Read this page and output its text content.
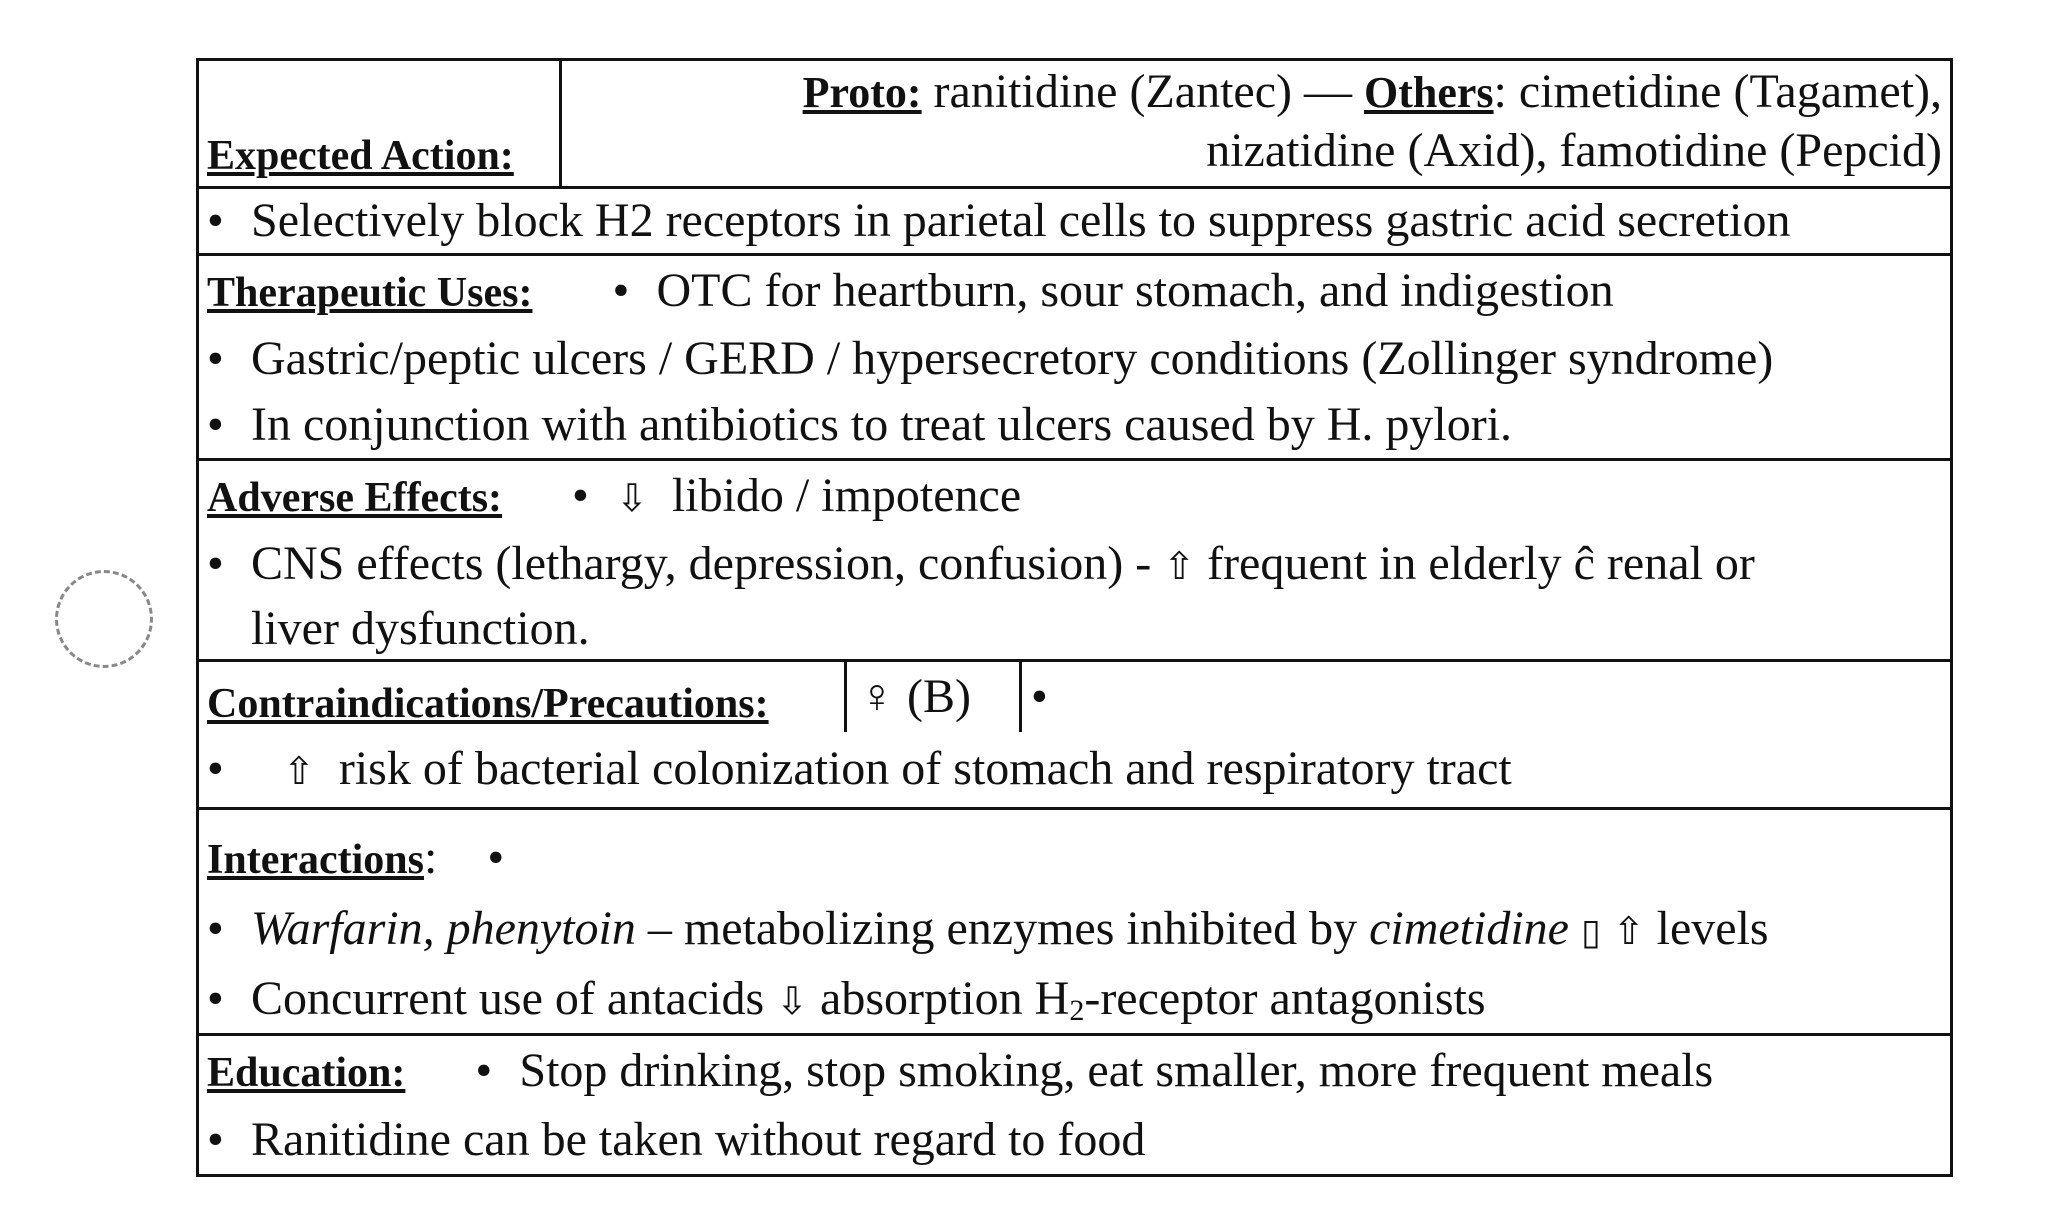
Expected Action:
Proto: ranitidine (Zantec) — Others: cimetidine (Tagamet),
nizatidine (Axid), famotidine (Pepcid)
• Selectively block H2 receptors in parietal cells to suppress gastric acid secretion
Therapeutic Uses: • OTC for heartburn, sour stomach, and indigestion
• Gastric/peptic ulcers / GERD / hypersecretory conditions (Zollinger syndrome)
• In conjunction with antibiotics to treat ulcers caused by H. pylori.
Adverse Effects: • ⇩ libido / impotence
• CNS effects (lethargy, depression, confusion) - ⇧ frequent in elderly ĉ renal or
liver dysfunction.
Contraindications/Precautions: ♀ (B) •
• ⇧ risk of bacterial colonization of stomach and respiratory tract
Interactions: •
• Warfarin, phenytoin – metabolizing enzymes inhibited by cimetidine ▯ ⇧ levels
• Concurrent use of antacids ⇩ absorption $H_2$-receptor antagonists
Education: • Stop drinking, stop smoking, eat smaller, more frequent meals
• Ranitidine can be taken without regard to food
